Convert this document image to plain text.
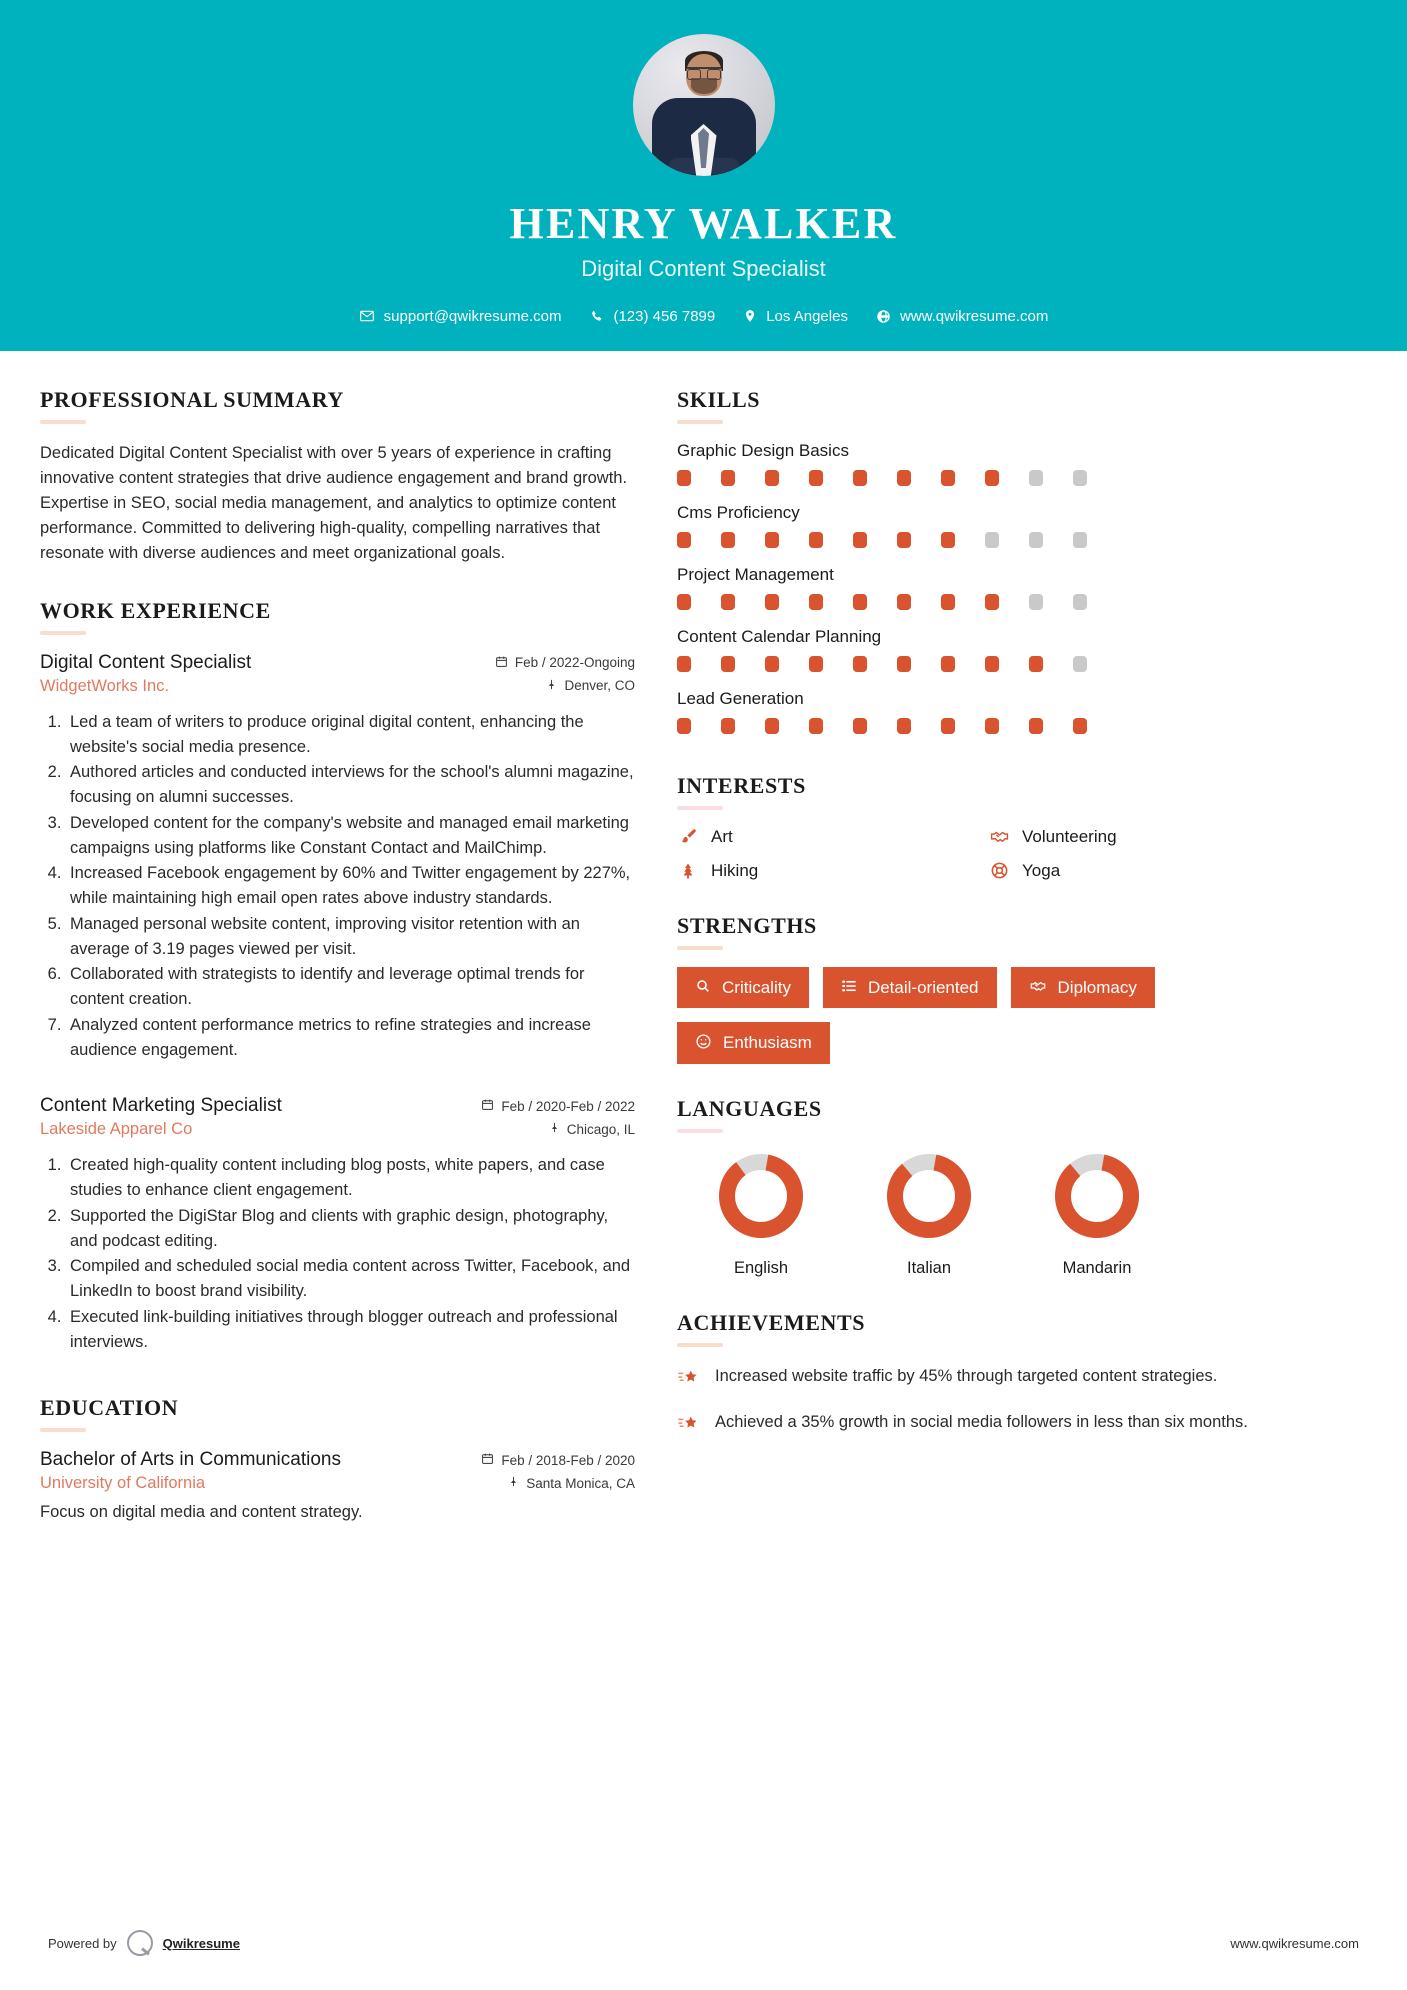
HENRY WALKER
Digital Content Specialist
support@qwikresume.com	(123) 456 7899	Los Angeles	www.qwikresume.com
PROFESSIONAL SUMMARY
Dedicated Digital Content Specialist with over 5 years of experience in crafting innovative content strategies that drive audience engagement and brand growth. Expertise in SEO, social media management, and analytics to optimize content performance. Committed to delivering high-quality, compelling narratives that resonate with diverse audiences and meet organizational goals.
WORK EXPERIENCE
Digital Content Specialist	Feb / 2022-Ongoing
WidgetWorks Inc.	Denver, CO
1. Led a team of writers to produce original digital content, enhancing the website's social media presence.
2. Authored articles and conducted interviews for the school's alumni magazine, focusing on alumni successes.
3. Developed content for the company's website and managed email marketing campaigns using platforms like Constant Contact and MailChimp.
4. Increased Facebook engagement by 60% and Twitter engagement by 227%, while maintaining high email open rates above industry standards.
5. Managed personal website content, improving visitor retention with an average of 3.19 pages viewed per visit.
6. Collaborated with strategists to identify and leverage optimal trends for content creation.
7. Analyzed content performance metrics to refine strategies and increase audience engagement.
Content Marketing Specialist	Feb / 2020-Feb / 2022
Lakeside Apparel Co	Chicago, IL
1. Created high-quality content including blog posts, white papers, and case studies to enhance client engagement.
2. Supported the DigiStar Blog and clients with graphic design, photography, and podcast editing.
3. Compiled and scheduled social media content across Twitter, Facebook, and LinkedIn to boost brand visibility.
4. Executed link-building initiatives through blogger outreach and professional interviews.
EDUCATION
Bachelor of Arts in Communications	Feb / 2018-Feb / 2020
University of California	Santa Monica, CA
Focus on digital media and content strategy.
SKILLS
Graphic Design Basics
Cms Proficiency
Project Management
Content Calendar Planning
Lead Generation
INTERESTS
Art	Volunteering
Hiking	Yoga
STRENGTHS
Criticality	Detail-oriented	Diplomacy
Enthusiasm
LANGUAGES
English	Italian	Mandarin
ACHIEVEMENTS
Increased website traffic by 45% through targeted content strategies.
Achieved a 35% growth in social media followers in less than six months.
Powered by	Qwikresume	www.qwikresume.com
